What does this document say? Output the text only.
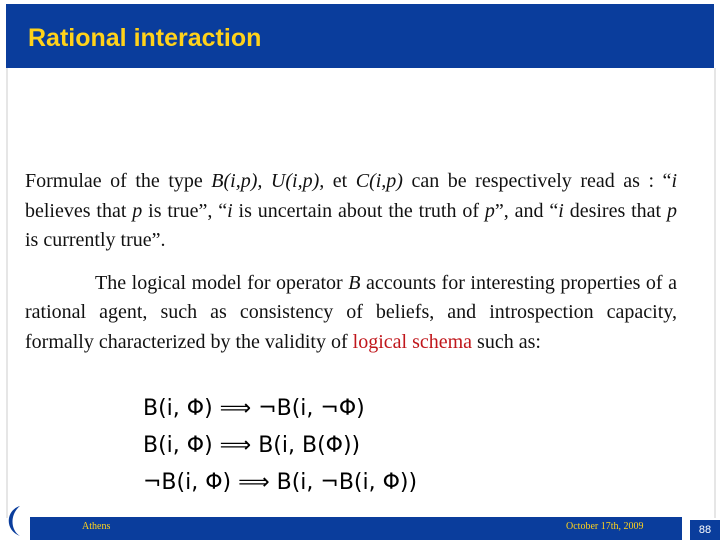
Rational interaction

Formulae of the type B(i,p), U(i,p), et C(i,p) can be respectively read as : “i believes that p is true”, “i is uncertain about the truth of p”, and “i desires that p is currently true”.

The logical model for operator B accounts for interesting properties of a rational agent, such as consistency of beliefs, and introspection capacity, formally characterized by the validity of logical schema such as:

B(i, Φ) ⟹ ¬B(i, ¬Φ)
B(i, Φ) ⟹ B(i, B(Φ))
¬B(i, Φ) ⟹ B(i, ¬B(i, Φ))
Athens	October 17th, 2009	88
